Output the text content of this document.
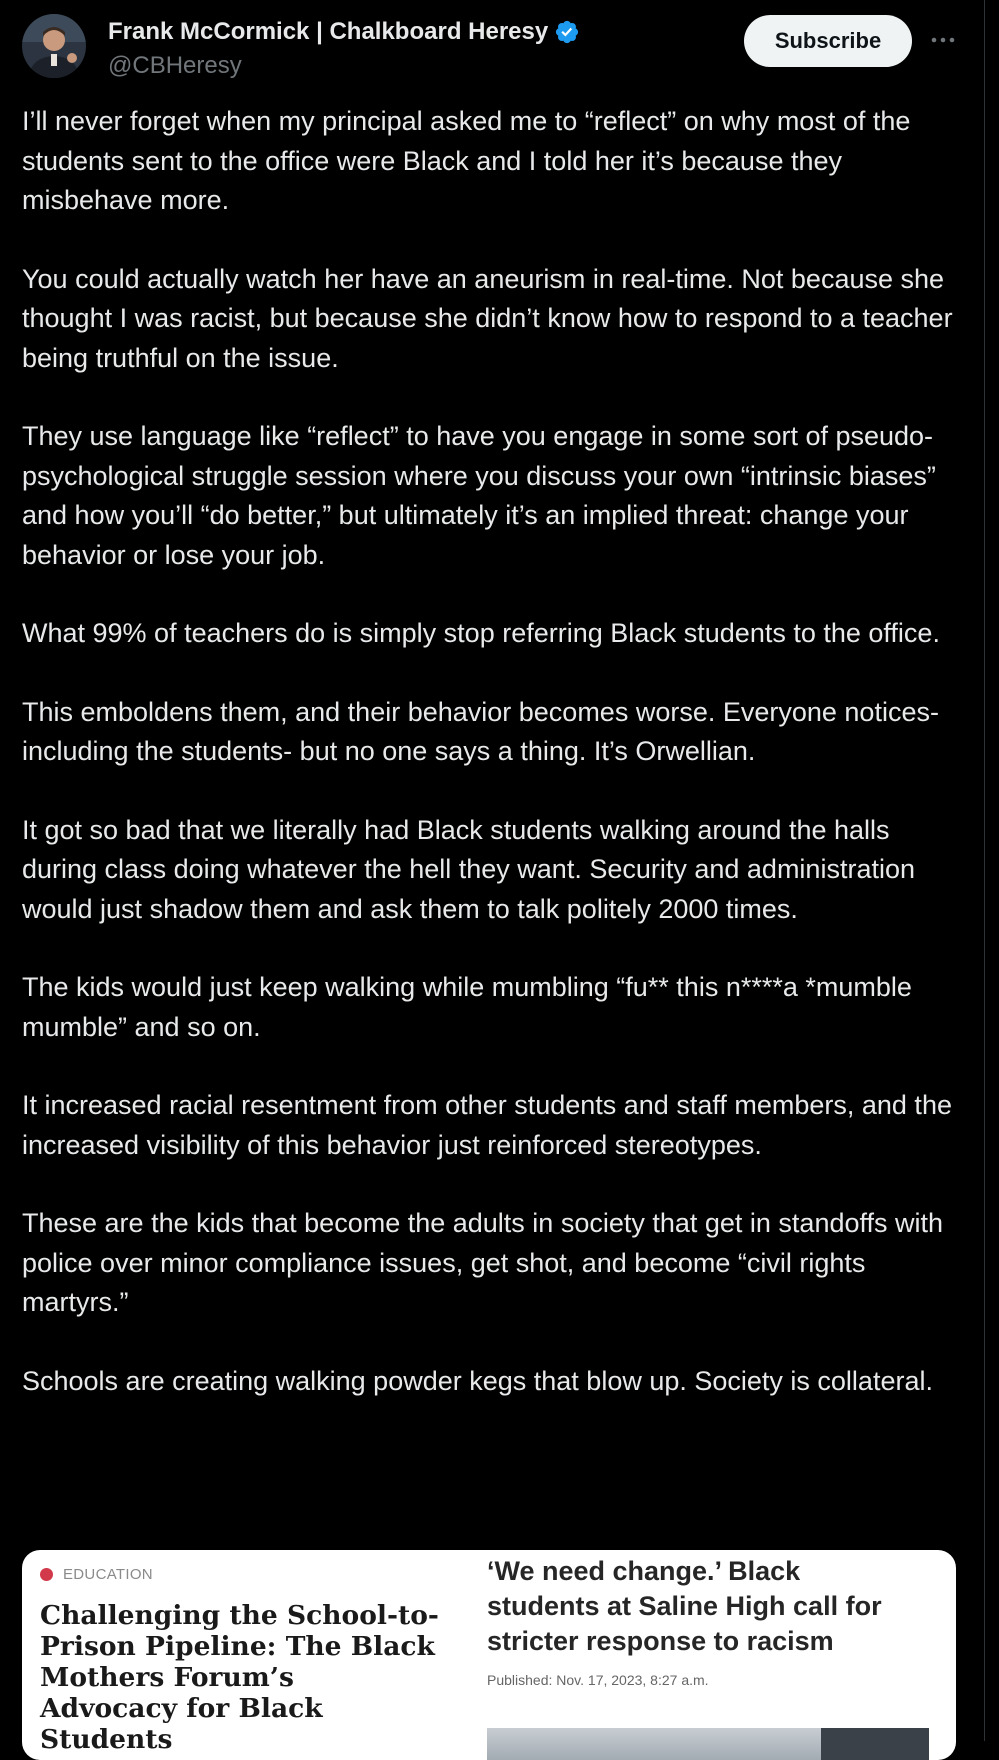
Frank McCormick | Chalkboard Heresy
@CBHeresy
Subscribe

I’ll never forget when my principal asked me to “reflect” on why most of the students sent to the office were Black and I told her it’s because they misbehave more.

You could actually watch her have an aneurism in real-time. Not because she thought I was racist, but because she didn’t know how to respond to a teacher being truthful on the issue.

They use language like “reflect” to have you engage in some sort of pseudo-psychological struggle session where you discuss your own “intrinsic biases” and how you’ll “do better,” but ultimately it’s an implied threat: change your behavior or lose your job.

What 99% of teachers do is simply stop referring Black students to the office.

This emboldens them, and their behavior becomes worse. Everyone notices- including the students- but no one says a thing. It’s Orwellian.

It got so bad that we literally had Black students walking around the halls during class doing whatever the hell they want. Security and administration would just shadow them and ask them to talk politely 2000 times.

The kids would just keep walking while mumbling “fu** this n****a *mumble mumble” and so on.

It increased racial resentment from other students and staff members, and the increased visibility of this behavior just reinforced stereotypes.

These are the kids that become the adults in society that get in standoffs with police over minor compliance issues, get shot, and become “civil rights martyrs.”

Schools are creating walking powder kegs that blow up. Society is collateral.

EDUCATION
Challenging the School-to-Prison Pipeline: The Black Mothers Forum’s Advocacy for Black Students
‘We need change.’ Black students at Saline High call for stricter response to racism
Published: Nov. 17, 2023, 8:27 a.m.
